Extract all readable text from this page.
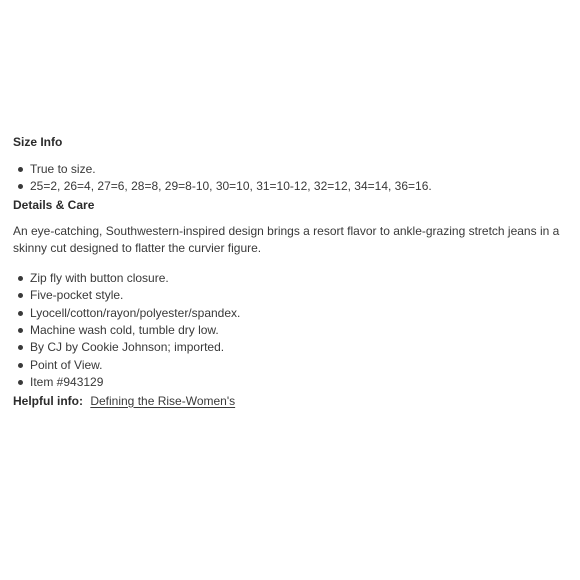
Size Info
True to size.
25=2, 26=4, 27=6, 28=8, 29=8-10, 30=10, 31=10-12, 32=12, 34=14, 36=16.
Details & Care

An eye-catching, Southwestern-inspired design brings a resort flavor to ankle-grazing stretch jeans in a skinny cut designed to flatter the curvier figure.

Zip fly with button closure.
Five-pocket style.
Lyocell/cotton/rayon/polyester/spandex.
Machine wash cold, tumble dry low.
By CJ by Cookie Johnson; imported.
Point of View.
Item #943129
Helpful info: Defining the Rise-Women's
